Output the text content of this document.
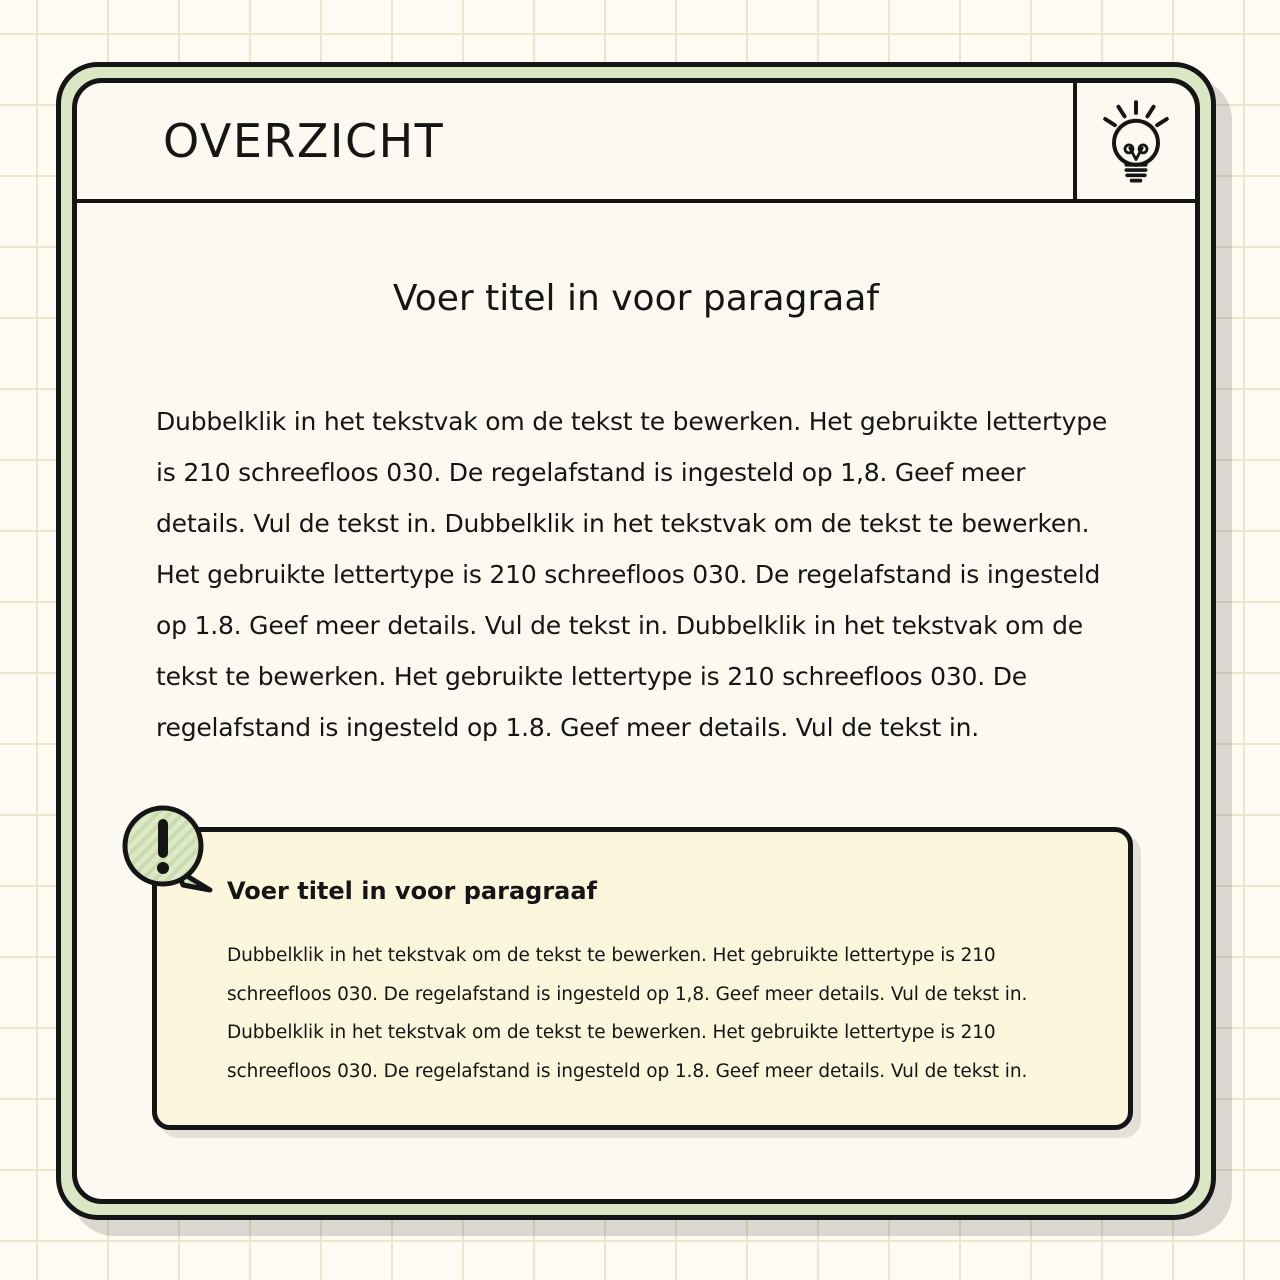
OVERZICHT
Voer titel in voor paragraaf

Dubbelklik in het tekstvak om de tekst te bewerken. Het gebruikte lettertype is 210 schreefloos 030. De regelafstand is ingesteld op 1,8. Geef meer details. Vul de tekst in. Dubbelklik in het tekstvak om de tekst te bewerken. Het gebruikte lettertype is 210 schreefloos 030. De regelafstand is ingesteld op 1.8. Geef meer details. Vul de tekst in. Dubbelklik in het tekstvak om de tekst te bewerken. Het gebruikte lettertype is 210 schreefloos 030. De regelafstand is ingesteld op 1.8. Geef meer details. Vul de tekst in.

Voer titel in voor paragraaf
Dubbelklik in het tekstvak om de tekst te bewerken. Het gebruikte lettertype is 210 schreefloos 030. De regelafstand is ingesteld op 1,8. Geef meer details. Vul de tekst in. Dubbelklik in het tekstvak om de tekst te bewerken. Het gebruikte lettertype is 210 schreefloos 030. De regelafstand is ingesteld op 1.8. Geef meer details. Vul de tekst in.
